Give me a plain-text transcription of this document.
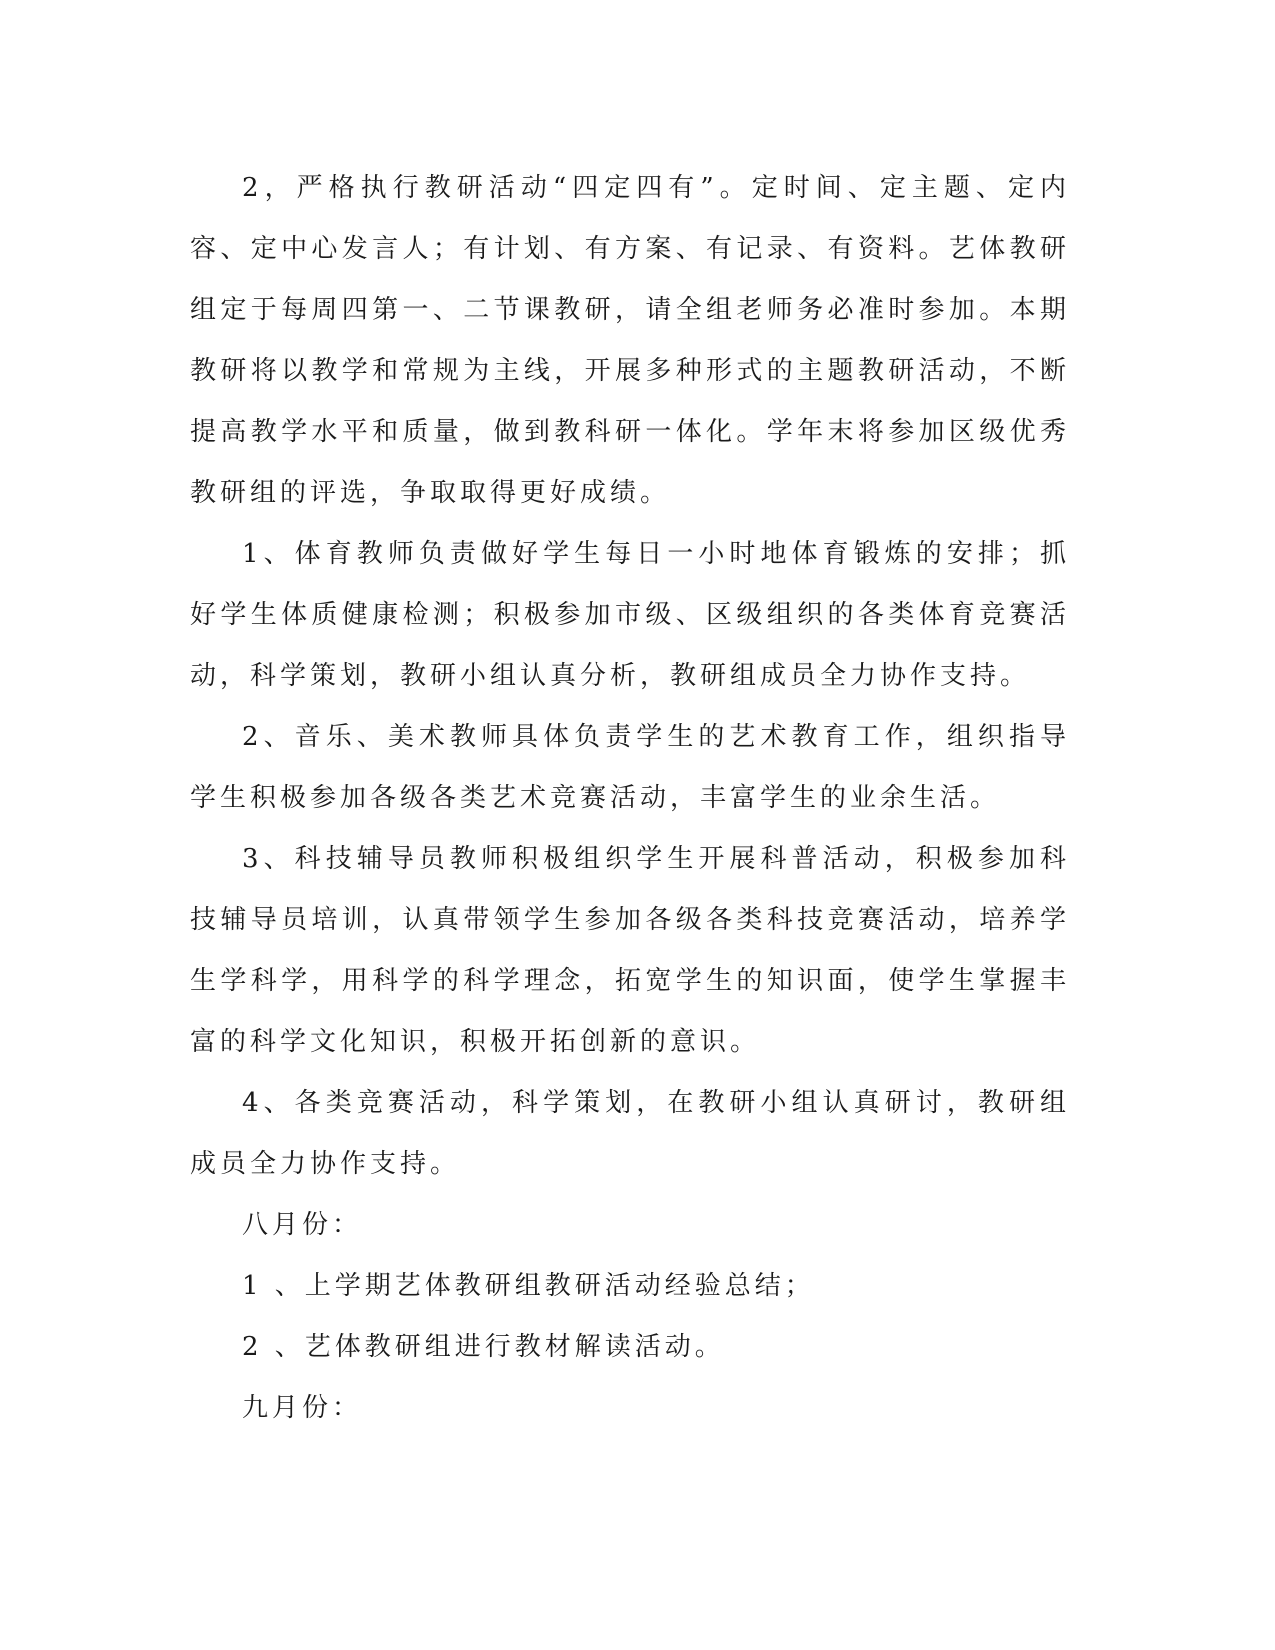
2，严格执行教研活动“四定四有”。定时间、定主题、定内容、定中心发言人；有计划、有方案、有记录、有资料。艺体教研组定于每周四第一、二节课教研，请全组老师务必准时参加。本期教研将以教学和常规为主线，开展多种形式的主题教研活动，不断提高教学水平和质量，做到教科研一体化。学年末将参加区级优秀教研组的评选，争取取得更好成绩。

1、体育教师负责做好学生每日一小时地体育锻炼的安排；抓好学生体质健康检测；积极参加市级、区级组织的各类体育竞赛活动，科学策划，教研小组认真分析，教研组成员全力协作支持。

2、音乐、美术教师具体负责学生的艺术教育工作，组织指导学生积极参加各级各类艺术竞赛活动，丰富学生的业余生活。

3、科技辅导员教师积极组织学生开展科普活动，积极参加科技辅导员培训，认真带领学生参加各级各类科技竞赛活动，培养学生学科学，用科学的科学理念，拓宽学生的知识面，使学生掌握丰富的科学文化知识，积极开拓创新的意识。

4、各类竞赛活动，科学策划，在教研小组认真研讨，教研组成员全力协作支持。

八月份：

1 、上学期艺体教研组教研活动经验总结；

2 、艺体教研组进行教材解读活动。

九月份：
